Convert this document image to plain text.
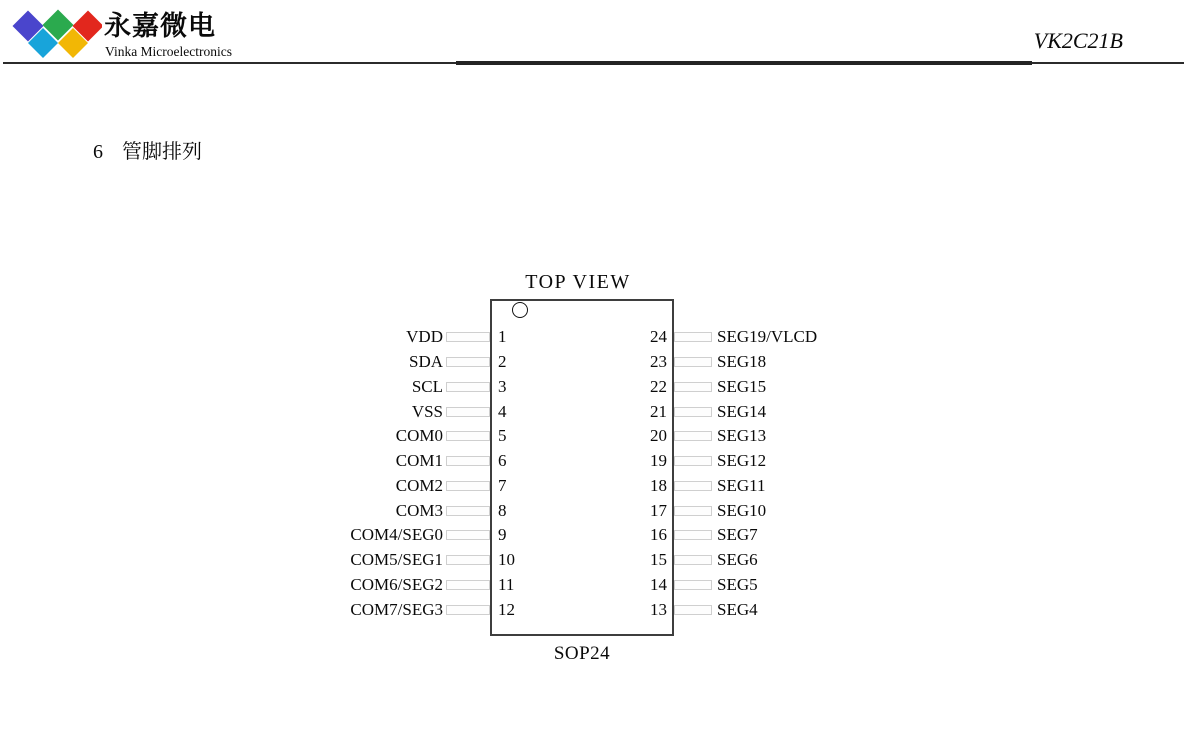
永嘉微电
Vinka Microelectronics	VK2C21B
6 管脚排列
TOP VIEW
VDD	1	24	SEG19/VLCD
SDA	2	23	SEG18
SCL	3	22	SEG15
VSS	4	21	SEG14
COM0	5	20	SEG13
COM1	6	19	SEG12
COM2	7	18	SEG11
COM3	8	17	SEG10
COM4/SEG0	9	16	SEG7
COM5/SEG1	10	15	SEG6
COM6/SEG2	11	14	SEG5
COM7/SEG3	12	13	SEG4
SOP24
